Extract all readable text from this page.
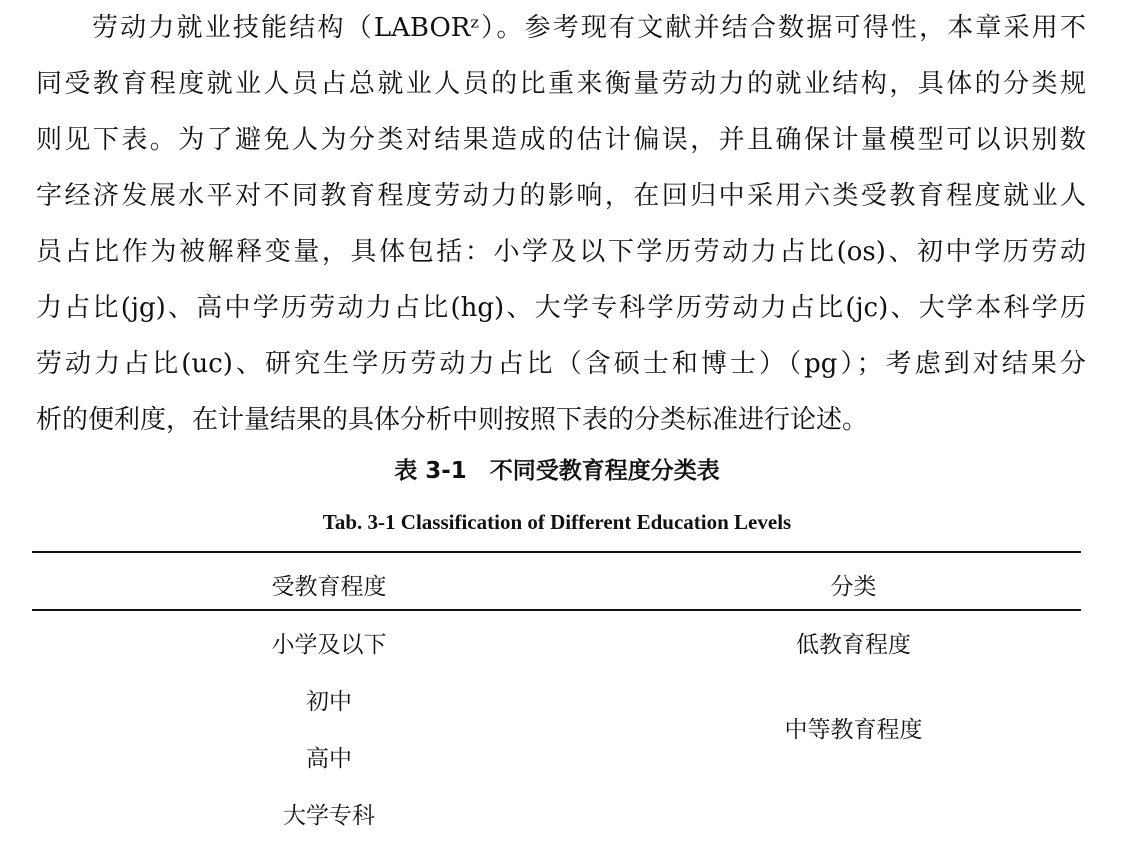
劳动力就业技能结构（LABORᶻ）。参考现有文献并结合数据可得性，本章采用不
同受教育程度就业人员占总就业人员的比重来衡量劳动力的就业结构，具体的分类规
则见下表。为了避免人为分类对结果造成的估计偏误，并且确保计量模型可以识别数
字经济发展水平对不同教育程度劳动力的影响，在回归中采用六类受教育程度就业人
员占比作为被解释变量，具体包括：小学及以下学历劳动力占比(os)、初中学历劳动
力占比(jg)、高中学历劳动力占比(hg)、大学专科学历劳动力占比(jc)、大学本科学历
劳动力占比(uc)、研究生学历劳动力占比（含硕士和博士）（pg）；考虑到对结果分
析的便利度，在计量结果的具体分析中则按照下表的分类标准进行论述。
表 3-1　不同受教育程度分类表
Tab. 3-1 Classification of Different Education Levels
受教育程度	分类
小学及以下	低教育程度
初中
中等教育程度
高中
大学专科
